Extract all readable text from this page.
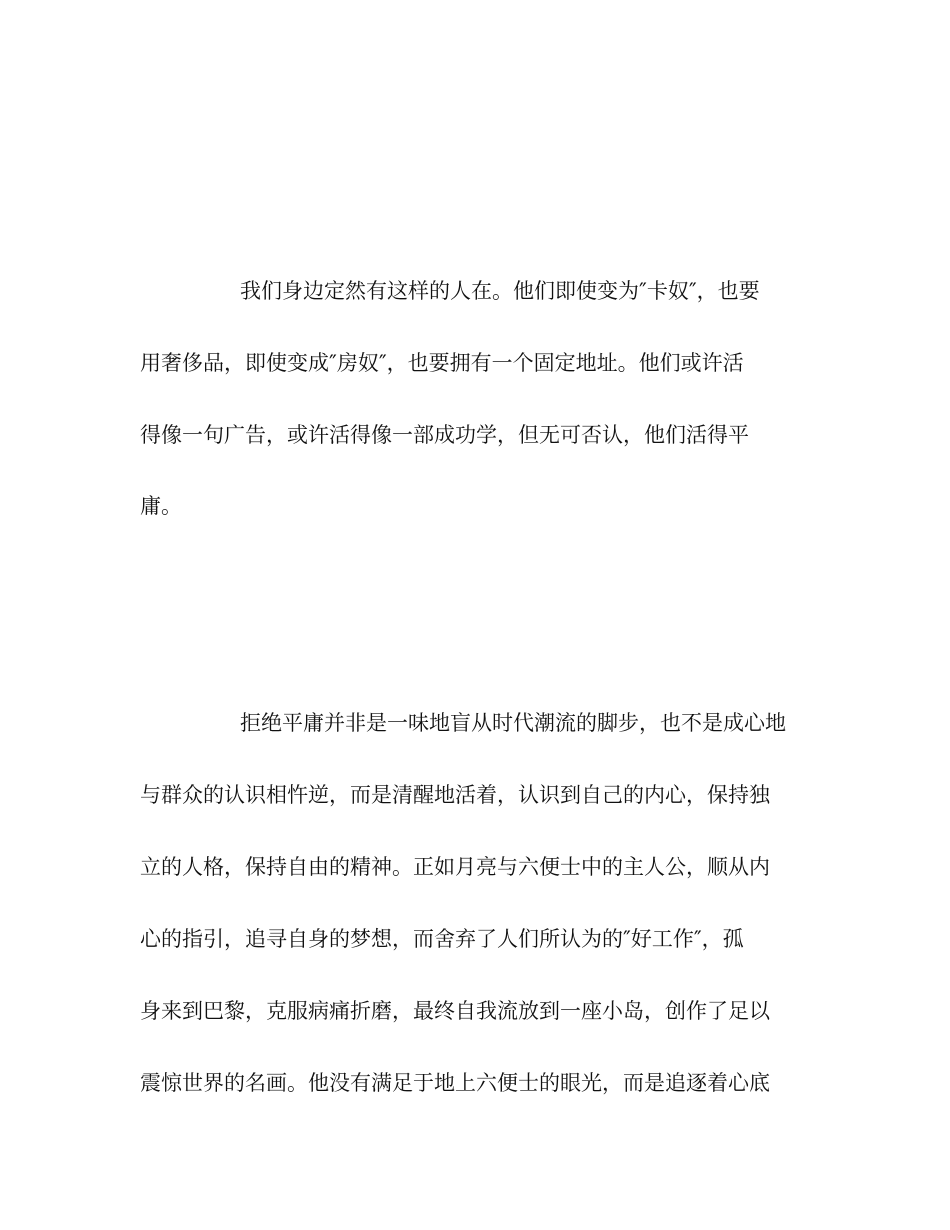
我们身边定然有这样的人在。他们即使变为″卡奴″，也要

用奢侈品，即使变成″房奴″，也要拥有一个固定地址。他们或许活

得像一句广告，或许活得像一部成功学，但无可否认，他们活得平

庸。

拒绝平庸并非是一味地盲从时代潮流的脚步，也不是成心地

与群众的认识相忤逆，而是清醒地活着，认识到自己的内心，保持独

立的人格，保持自由的精神。正如月亮与六便士中的主人公，顺从内

心的指引，追寻自身的梦想，而舍弃了人们所认为的″好工作″，孤

身来到巴黎，克服病痛折磨，最终自我流放到一座小岛，创作了足以

震惊世界的名画。他没有满足于地上六便士的眼光，而是追逐着心底
